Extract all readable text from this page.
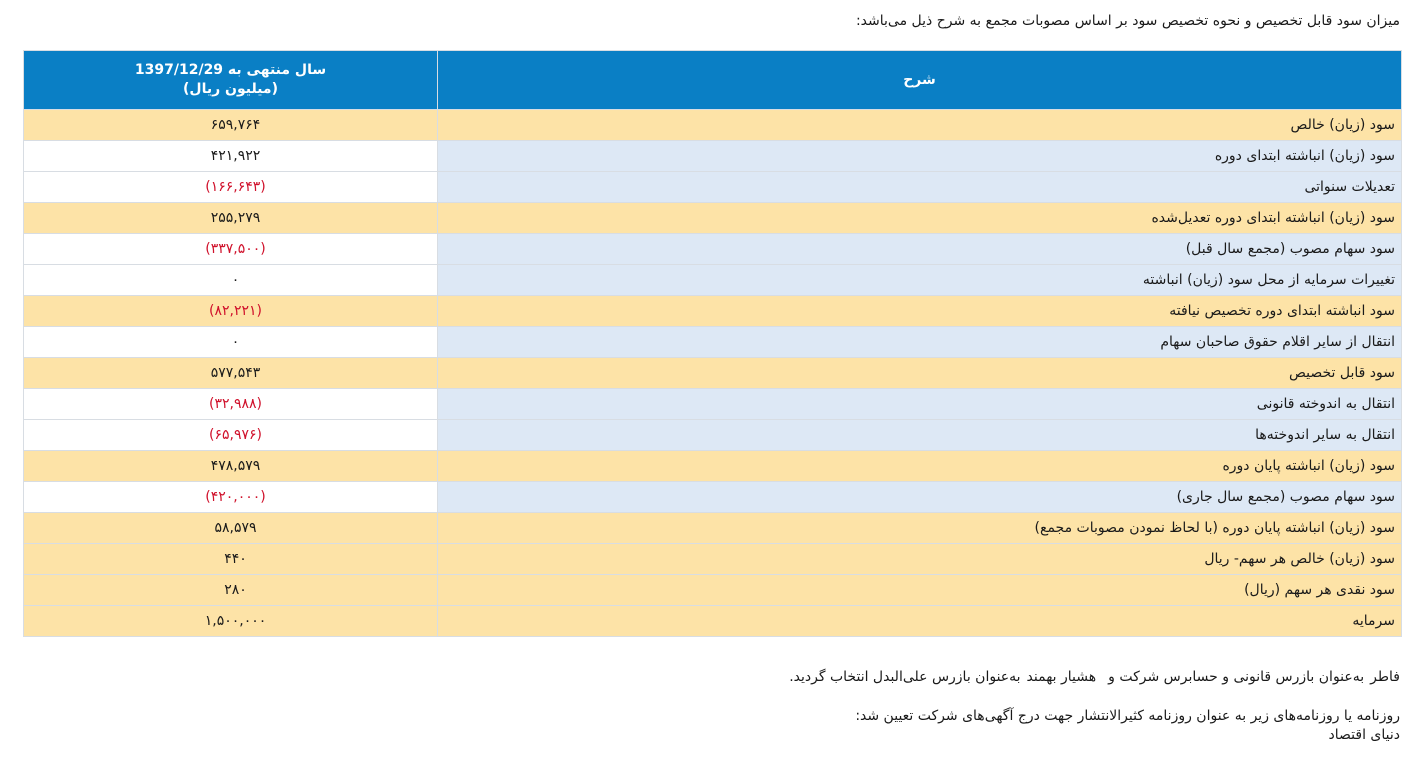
میزان سود قابل تخصیص و نحوه تخصیص سود بر اساس مصوبات مجمع به شرح ذیل می‌باشد:
شرح	سال منتهی به 1397/12/29
(میلیون ریال)
سود (زیان) خالص	۶۵۹,۷۶۴
سود (زیان) انباشته ابتدای دوره	۴۲۱,۹۲۲
تعدیلات سنواتی	(۱۶۶,۶۴۳)
سود (زیان) انباشته ابتدای دوره تعدیل‌شده	۲۵۵,۲۷۹
سود سهام مصوب (مجمع سال قبل)	(۳۳۷,۵۰۰)
تغییرات سرمایه از محل سود (زیان) انباشته	۰
سود انباشته ابتدای دوره تخصیص نیافته	(۸۲,۲۲۱)
انتقال از سایر اقلام حقوق صاحبان سهام	۰
سود قابل تخصیص	۵۷۷,۵۴۳
انتقال به اندوخته قانونی	(۳۲,۹۸۸)
انتقال به سایر اندوخته‌ها	(۶۵,۹۷۶)
سود (زیان) انباشته پایان دوره	۴۷۸,۵۷۹
سود سهام مصوب (مجمع سال جاری)	(۴۲۰,۰۰۰)
سود (زیان) انباشته پایان دوره (با لحاظ نمودن مصوبات مجمع)	۵۸,۵۷۹
سود (زیان) خالص هر سهم- ریال	۴۴۰
سود نقدی هر سهم (ریال)	۲۸۰
سرمایه	۱,۵۰۰,۰۰۰
فاطربه‌عنوان بازرس قانونی و حسابرس شرکت وهشیار بهمندبه‌عنوان بازرس علی‌البدل انتخاب گردید.
روزنامه یا روزنامه‌های زیر به عنوان روزنامه کثیرالانتشار جهت درج آگهی‌های شرکت تعیین شد:
دنیای اقتصاد
